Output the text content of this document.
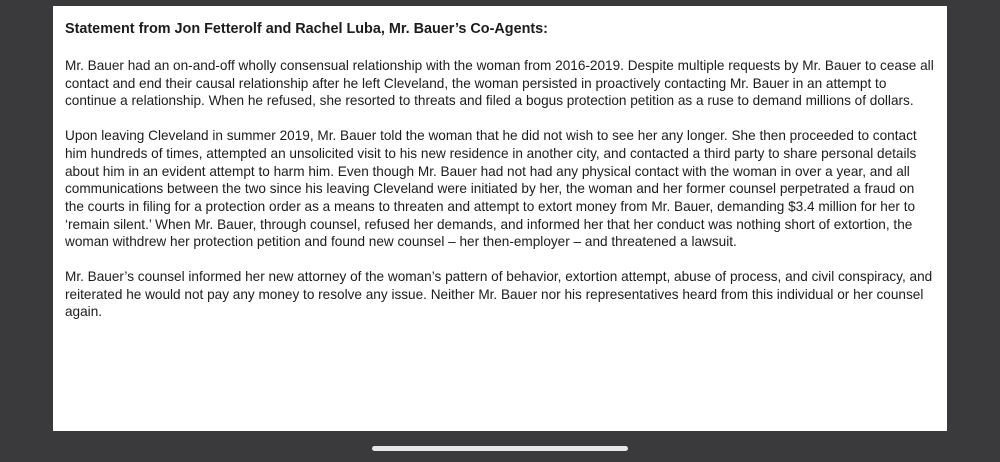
Statement from Jon Fetterolf and Rachel Luba, Mr. Bauer’s Co-Agents:

Mr. Bauer had an on-and-off wholly consensual relationship with the woman from 2016-2019. Despite multiple requests by Mr. Bauer to cease all contact and end their causal relationship after he left Cleveland, the woman persisted in proactively contacting Mr. Bauer in an attempt to continue a relationship. When he refused, she resorted to threats and filed a bogus protection petition as a ruse to demand millions of dollars.

Upon leaving Cleveland in summer 2019, Mr. Bauer told the woman that he did not wish to see her any longer. She then proceeded to contact him hundreds of times, attempted an unsolicited visit to his new residence in another city, and contacted a third party to share personal details about him in an evident attempt to harm him. Even though Mr. Bauer had not had any physical contact with the woman in over a year, and all communications between the two since his leaving Cleveland were initiated by her, the woman and her former counsel perpetrated a fraud on the courts in filing for a protection order as a means to threaten and attempt to extort money from Mr. Bauer, demanding $3.4 million for her to ‘remain silent.’ When Mr. Bauer, through counsel, refused her demands, and informed her that her conduct was nothing short of extortion, the woman withdrew her protection petition and found new counsel – her then-employer – and threatened a lawsuit.

Mr. Bauer’s counsel informed her new attorney of the woman’s pattern of behavior, extortion attempt, abuse of process, and civil conspiracy, and reiterated he would not pay any money to resolve any issue. Neither Mr. Bauer nor his representatives heard from this individual or her counsel again.
